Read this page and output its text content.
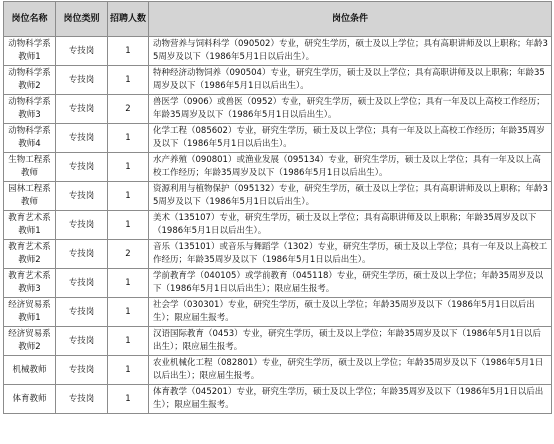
岗位名称	岗位类别	招聘人数	岗位条件
动物科学系教师1	专技岗	1	动物营养与饲料科学（090502）专业，研究生学历，硕士及以上学位；具有高职讲师及以上职称；年龄35周岁及以下（1986年5月1日以后出生）。
动物科学系教师2	专技岗	1	特种经济动物饲养（090504）专业，研究生学历，硕士及以上学位；具有高职讲师及以上职称；年龄35周岁及以下（1986年5月1日以后出生）。
动物科学系教师3	专技岗	2	兽医学（0906）或兽医（0952）专业，研究生学历，硕士及以上学位；具有一年及以上高校工作经历；年龄35周岁及以下（1986年5月1日以后出生）。
动物科学系教师4	专技岗	1	化学工程（085602）专业，研究生学历，硕士及以上学位；具有一年及以上高校工作经历；年龄35周岁及以下（1986年5月1日以后出生）。
生物工程系 教师	专技岗	1	水产养殖（090801）或渔业发展（095134）专业，研究生学历，硕士及以上学位；具有一年及以上高校工作经历；年龄35周岁及以下（1986年5月1日以后出生）。
园林工程系教师	专技岗	1	资源利用与植物保护（095132）专业，研究生学历，硕士及以上学位；具有高职讲师及以上职称；年龄35周岁及以下（1986年5月1日以后出生）。
教育艺术系教师1	专技岗	1	美术（135107）专业，研究生学历，硕士及以上学位；具有高职讲师及以上职称；年龄35周岁及以下（1986年5月1日以后出生）。
教育艺术系教师2	专技岗	2	音乐（135101）或音乐与舞蹈学（1302）专业，研究生学历，硕士及以上学位；具有一年及以上高校工作经历；年龄35周岁及以下（1986年5月1日以后出生）。
教育艺术系教师3	专技岗	1	学前教育学（040105）或学前教育（045118）专业，研究生学历，硕士及以上学位；年龄35周岁及以下（1986年5月1日以后出生）；限应届生报考。
经济贸易系教师1	专技岗	1	社会学（030301）专业，研究生学历，硕士及以上学位；年龄35周岁及以下（1986年5月1日以后出生）；限应届生报考。
经济贸易系教师2	专技岗	1	汉语国际教育（0453）专业，研究生学历，硕士及以上学位；年龄35周岁及以下（1986年5月1日以后出生）；限应届生报考。
机械教师	专技岗	1	农业机械化工程（082801）专业，研究生学历，硕士及以上学位；年龄35周岁及以下（1986年5月1日以后出生）；限应届生报考。
体育教师	专技岗	1	体育教学（045201）专业，研究生学历，硕士及以上学位；年龄35周岁及以下（1986年5月1日以后出生）；限应届生报考。
